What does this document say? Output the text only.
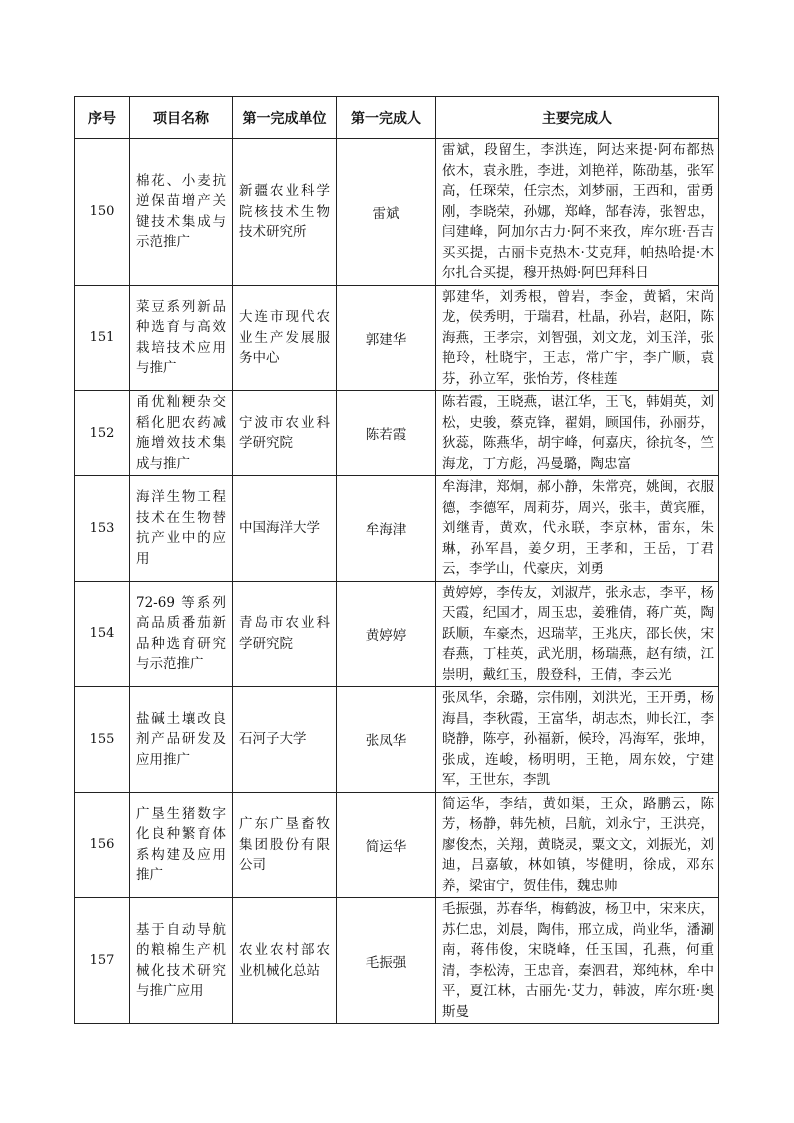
序号	项目名称	第一完成单位	第一完成人	主要完成人
150	棉花、小麦抗逆保苗增产关键技术集成与示范推广	新疆农业科学院核技术生物技术研究所	雷斌	雷斌，段留生，李洪连，阿达来提·阿布都热依木，袁永胜，李进，刘艳祥，陈劭基，张军高，任琛荣，任宗杰，刘梦丽，王西和，雷勇刚，李晓荣，孙娜，郑峰，郜春涛，张智忠，闫建峰，阿加尔古力·阿不来孜，库尔班·吾吉买买提，古丽卡克热木·艾克拜，帕热哈提·木尔扎合买提，穆开热姆·阿巴拜科日
151	菜豆系列新品种选育与高效栽培技术应用与推广	大连市现代农业生产发展服务中心	郭建华	郭建华，刘秀根，曾岩，李金，黄韬，宋尚龙，侯秀明，于瑞君，杜晶，孙岩，赵阳，陈海燕，王孝宗，刘智强，刘文龙，刘玉洋，张艳玲，杜晓宇，王志，常广宇，李广顺，袁芬，孙立军，张怡芳，佟桂莲
152	甬优籼粳杂交稻化肥农药减施增效技术集成与推广	宁波市农业科学研究院	陈若霞	陈若霞，王晓燕，谌江华，王飞，韩娟英，刘松，史骏，蔡克锋，翟娟，顾国伟，孙丽芬，狄蕊，陈燕华，胡宇峰，何嘉庆，徐抗冬，竺海龙，丁方彪，冯曼璐，陶忠富
153	海洋生物工程技术在生物替抗产业中的应用	中国海洋大学	牟海津	牟海津，郑炯，郝小静，朱常亮，姚闽，衣服德，李德军，周莉芬，周兴，张丰，黄宾雁，刘继青，黄欢，代永联，李京林，雷东，朱琳，孙军昌，姜夕玥，王孝和，王岳，丁君云，李学山，代豪庆，刘勇
154	72-69 等系列高品质番茄新品种选育研究与示范推广	青岛市农业科学研究院	黄婷婷	黄婷婷，李传友，刘淑芹，张永志，李平，杨天霞，纪国才，周玉忠，姜雅倩，蒋广英，陶跃顺，车豪杰，迟瑞苹，王兆庆，邵长侠，宋春燕，丁桂英，武光朋，杨瑞燕，赵有绩，江崇明，戴红玉，殷登科，王倩，李云光
155	盐碱土壤改良剂产品研发及应用推广	石河子大学	张凤华	张凤华，余璐，宗伟刚，刘洪光，王开勇，杨海昌，李秋霞，王富华，胡志杰，帅长江，李晓静，陈亭，孙福新，候玲，冯海军，张坤，张成，连峻，杨明明，王艳，周东姣，宁建军，王世东，李凯
156	广垦生猪数字化良种繁育体系构建及应用推广	广东广垦畜牧集团股份有限公司	简运华	简运华，李结，黄如渠，王众，路鹏云，陈芳，杨静，韩先桢，吕航，刘永宁，王洪亮，廖俊杰，关翔，黄晓灵，粟文文，刘振光，刘迪，吕嘉敏，林如镇，岑健明，徐成，邓东养，梁宙宁，贺佳伟，魏忠帅
157	基于自动导航的粮棉生产机械化技术研究与推广应用	农业农村部农业机械化总站	毛振强	毛振强，苏春华，梅鹤波，杨卫中，宋来庆，苏仁忠，刘晨，陶伟，邢立成，尚业华，潘涮南，蒋伟俊，宋晓峰，任玉国，孔燕，何重清，李松涛，王忠音，秦泗君，郑纯林，牟中平，夏江林，古丽先·艾力，韩波，库尔班·奥斯曼
